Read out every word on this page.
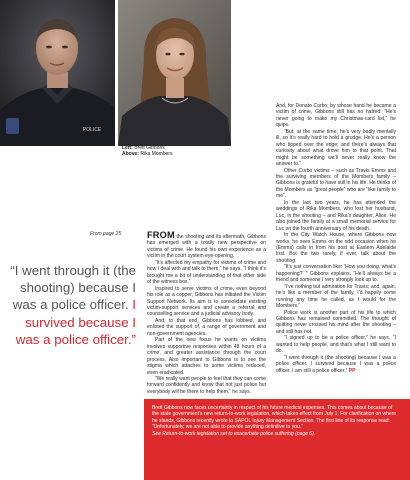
POLICE
Left: Brett Gibbons
Above: Rika Mombers

And, for Donato Corbo, by whose hand he became a victim of crime, Gibbons still has no hatred: “He’s never going to make my Christmas-card list,” he quips.

“But, at the same time, he’s very badly mentally ill, so it’s really hard to hold a grudge. He’s a person who tipped over the edge; and there’s always that curiosity about what drove him to that point. That might be something we’ll never really know the answer to.”

Other Corbo victims – such as Travis Emms and the surviving members of the Mombers family – Gibbons is grateful to have still in his life. He thinks of the Mombers as “great people” who are “like family to me”.

In the last two years, he has attended the weddings of Rika Mombers, who lost her husband, Luc, in the shooting – and Rika’s daughter, Alice. He also joined the family at a small memorial service for Luc on the fourth anniversary of his death.

In the City Watch House, where Gibbons now works, he sees Emms on the odd occasion when he (Emms) calls in from his post at Eastern Adelaide Inst. But the two rarely, if ever, talk about the shooting.

“It’s just conversation like: ‘How you doing, what’s happening?’ ” Gibbons explains. “He’ll always be a friend and someone I very strongly look up to.

“I’ve nothing but admiration for Travis; and, again, he’s like a member of the family. I’d happily come running any time he called, as I would for the Mombers.”

Police work is another part of his life to which Gibbons has remained committed. The thought of quitting never crossed his mind after the shooting – and still has not.

“I signed up to be a police officer,” he says. “I wanted to help people, and that’s what I still want to do.

“I went through it (the shooting) because I was a police officer. I survived because I was a police officer. I am still a police officer.” PP

From page 25	FROM the shooting and its aftermath, Gibbons has emerged with a totally new perspective on victims of crime. He found his own experience as a victim in the court system eye-opening.

“It’s affected my empathy for victims of crime and how I deal with and talk to them,” he says. “I think it’s brought me a bit of understanding of that other side of the witness box.”

Inspired to serve victims of crime, even beyond his role as a copper, Gibbons has initiated the Victim Support Network. Its aim is to consolidate existing victim-support services and create a referral and counselling service and a judicial advisory body.

And, to that end, Gibbons has lobbied, and enlisted the support of, a range of government and non-government agencies.

Part of the new focus he wants on victims involves supportive responses within 48 hours of a crime, and greater assistance through the court process. Also important to Gibbons is to see the stigma which attaches to some victims reduced, even eradicated.

“We really want people to feel that they can come forward confidently and know that not just police but everybody will be there to help them,” he says.

“I went through it (the shooting) because I was a police officer. I survived because I was a police officer.”

Brett Gibbons now faces uncertainty in respect of his future medical expenses. This comes about because of the state government’s new return-to-work legislation, which takes effect from July 1. For clarification on where he stands, Gibbons recently wrote to SAPOL Injury Management Section. The first line of its response read: “Unfortunately, we are not able to provide anything definitive to you.”

See Return-to-work legislation set to exacerbate police suffering (page 6).
